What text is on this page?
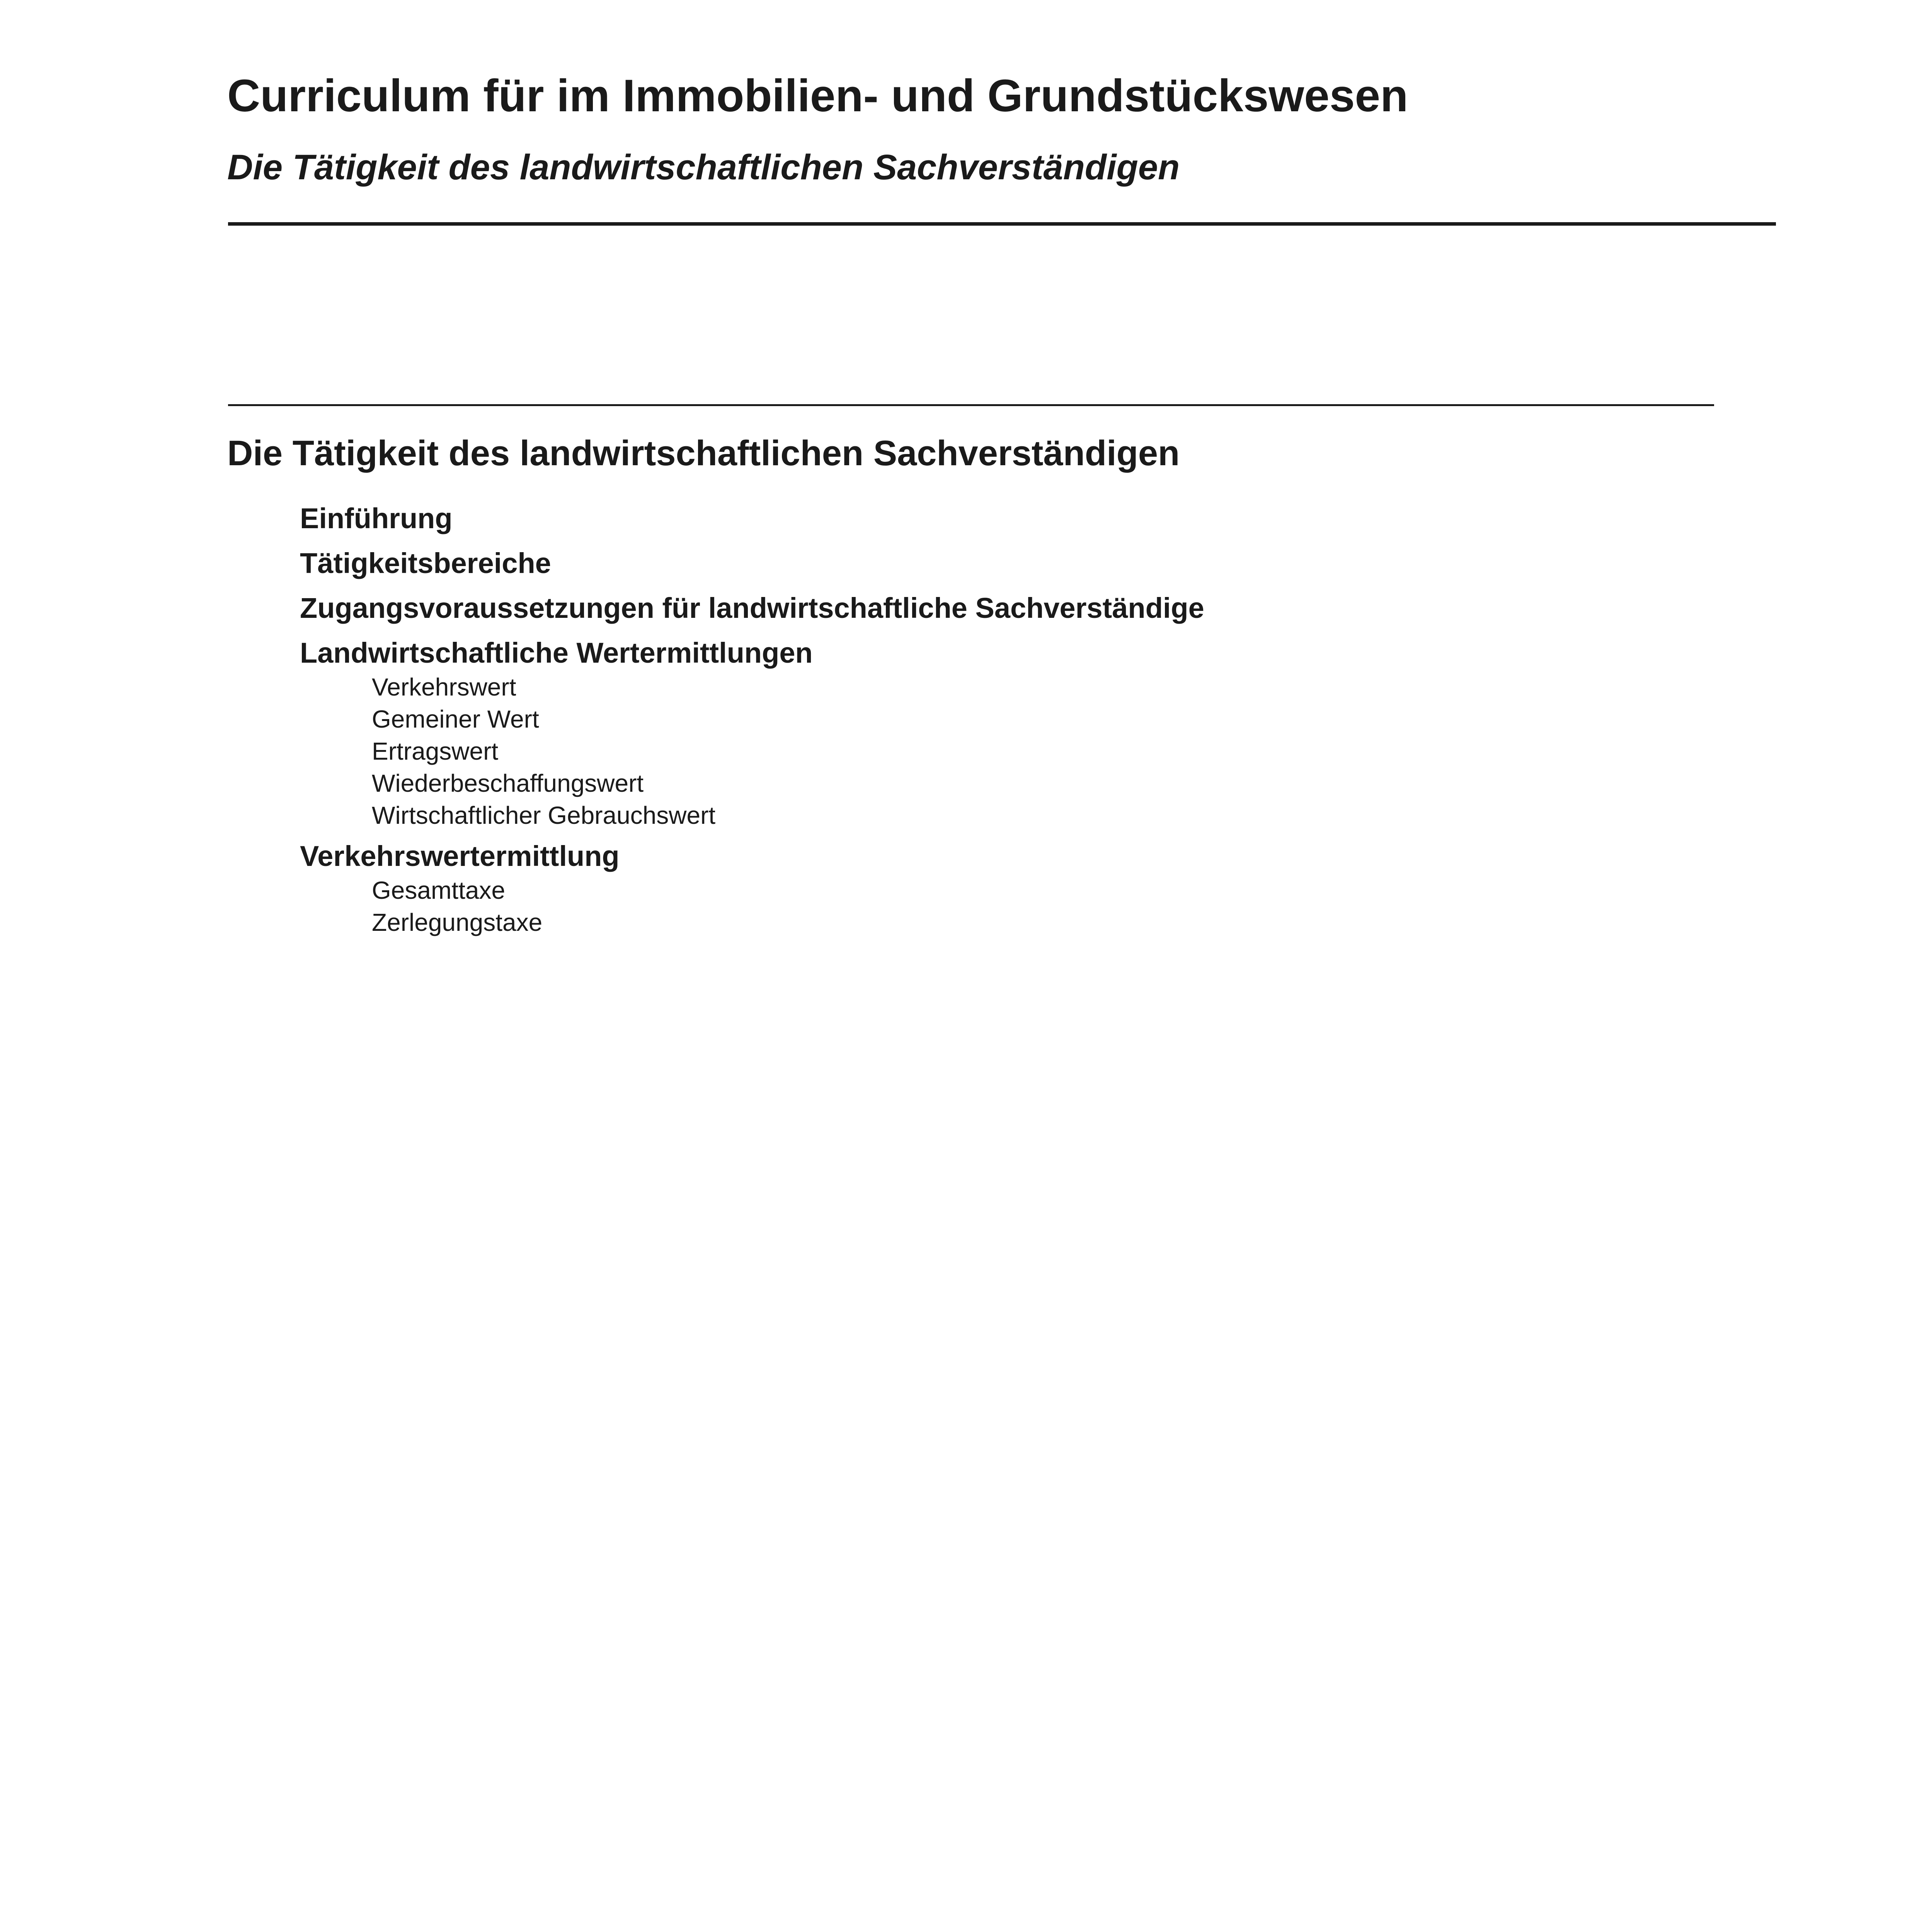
Curriculum für im Immobilien- und Grundstückswesen
Die Tätigkeit des landwirtschaftlichen Sachverständigen
Die Tätigkeit des landwirtschaftlichen Sachverständigen
Einführung
Tätigkeitsbereiche
Zugangsvoraussetzungen für landwirtschaftliche Sachverständige
Landwirtschaftliche Wertermittlungen
Verkehrswert
Gemeiner Wert
Ertragswert
Wiederbeschaffungswert
Wirtschaftlicher Gebrauchswert
Verkehrswertermittlung
Gesamttaxe
Zerlegungstaxe
